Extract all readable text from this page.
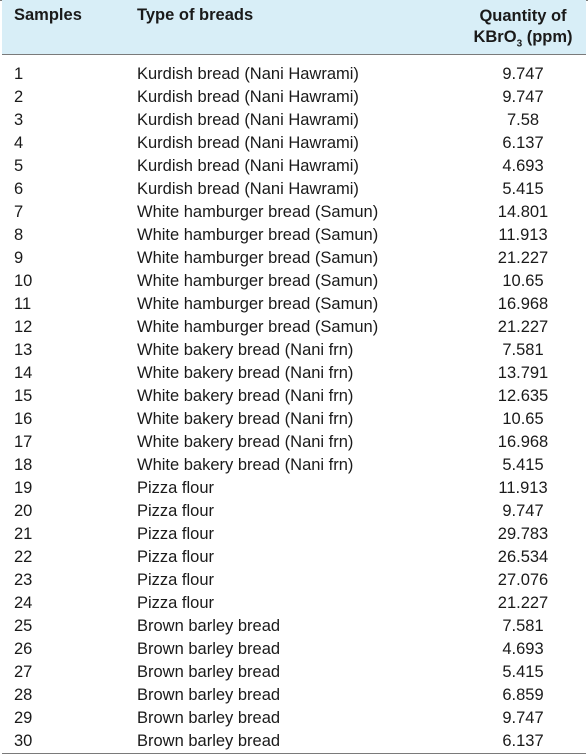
Samples	Type of breads	Quantity of
KBrO$_3$ (ppm)
1	Kurdish bread (Nani Hawrami)	9.747
2	Kurdish bread (Nani Hawrami)	9.747
3	Kurdish bread (Nani Hawrami)	7.58
4	Kurdish bread (Nani Hawrami)	6.137
5	Kurdish bread (Nani Hawrami)	4.693
6	Kurdish bread (Nani Hawrami)	5.415
7	White hamburger bread (Samun)	14.801
8	White hamburger bread (Samun)	11.913
9	White hamburger bread (Samun)	21.227
10	White hamburger bread (Samun)	10.65
11	White hamburger bread (Samun)	16.968
12	White hamburger bread (Samun)	21.227
13	White bakery bread (Nani frn)	7.581
14	White bakery bread (Nani frn)	13.791
15	White bakery bread (Nani frn)	12.635
16	White bakery bread (Nani frn)	10.65
17	White bakery bread (Nani frn)	16.968
18	White bakery bread (Nani frn)	5.415
19	Pizza flour	11.913
20	Pizza flour	9.747
21	Pizza flour	29.783
22	Pizza flour	26.534
23	Pizza flour	27.076
24	Pizza flour	21.227
25	Brown barley bread	7.581
26	Brown barley bread	4.693
27	Brown barley bread	5.415
28	Brown barley bread	6.859
29	Brown barley bread	9.747
30	Brown barley bread	6.137
